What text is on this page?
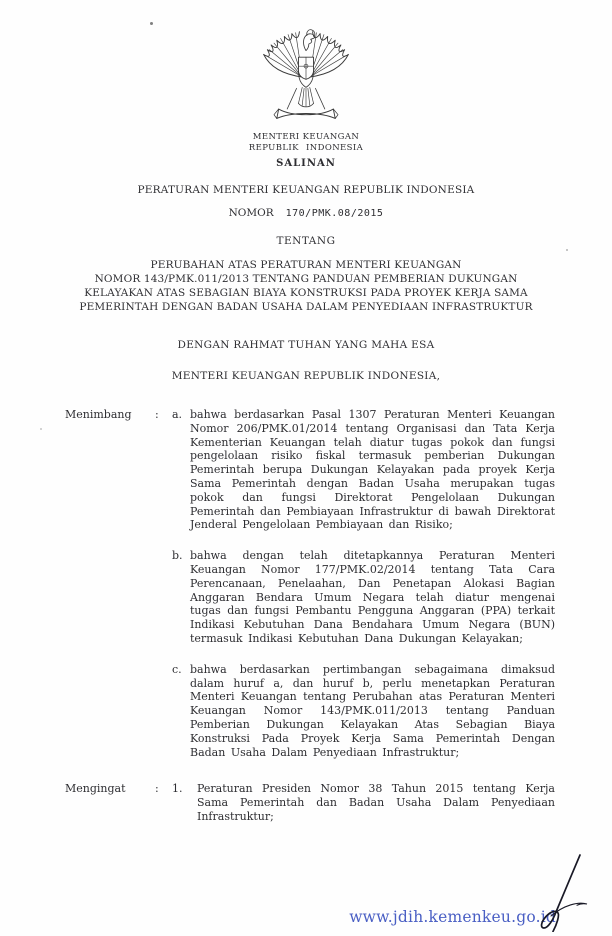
MENTERI KEUANGAN
REPUBLIK INDONESIA
SALINAN
PERATURAN MENTERI KEUANGAN REPUBLIK INDONESIA
NOMOR 170/PMK.08/2015
TENTANG
PERUBAHAN ATAS PERATURAN MENTERI KEUANGAN
NOMOR 143/PMK.011/2013 TENTANG PANDUAN PEMBERIAN DUKUNGAN
KELAYAKAN ATAS SEBAGIAN BIAYA KONSTRUKSI PADA PROYEK KERJA SAMA
PEMERINTAH DENGAN BADAN USAHA DALAM PENYEDIAAN INFRASTRUKTUR
DENGAN RAHMAT TUHAN YANG MAHA ESA
MENTERI KEUANGAN REPUBLIK INDONESIA,
Menimbang	:	a. bahwa berdasarkan Pasal 1307 Peraturan Menteri Keuangan Nomor 206/PMK.01/2014 tentang Organisasi dan Tata Kerja Kementerian Keuangan telah diatur tugas pokok dan fungsi pengelolaan risiko fiskal termasuk pemberian Dukungan Pemerintah berupa Dukungan Kelayakan pada proyek Kerja Sama Pemerintah dengan Badan Usaha merupakan tugas pokok dan fungsi Direktorat Pengelolaan Dukungan Pemerintah dan Pembiayaan Infrastruktur di bawah Direktorat Jenderal Pengelolaan Pembiayaan dan Risiko;
b. bahwa dengan telah ditetapkannya Peraturan Menteri Keuangan Nomor 177/PMK.02/2014 tentang Tata Cara Perencanaan, Penelaahan, Dan Penetapan Alokasi Bagian Anggaran Bendara Umum Negara telah diatur mengenai tugas dan fungsi Pembantu Pengguna Anggaran (PPA) terkait Indikasi Kebutuhan Dana Bendahara Umum Negara (BUN) termasuk Indikasi Kebutuhan Dana Dukungan Kelayakan;
c. bahwa berdasarkan pertimbangan sebagaimana dimaksud dalam huruf a, dan huruf b, perlu menetapkan Peraturan Menteri Keuangan tentang Perubahan atas Peraturan Menteri Keuangan Nomor 143/PMK.011/2013 tentang Panduan Pemberian Dukungan Kelayakan Atas Sebagian Biaya Konstruksi Pada Proyek Kerja Sama Pemerintah Dengan Badan Usaha Dalam Penyediaan Infrastruktur;
Mengingat	:	1.	Peraturan Presiden Nomor 38 Tahun 2015 tentang Kerja Sama Pemerintah dan Badan Usaha Dalam Penyediaan Infrastruktur;
www.jdih.kemenkeu.go.id
